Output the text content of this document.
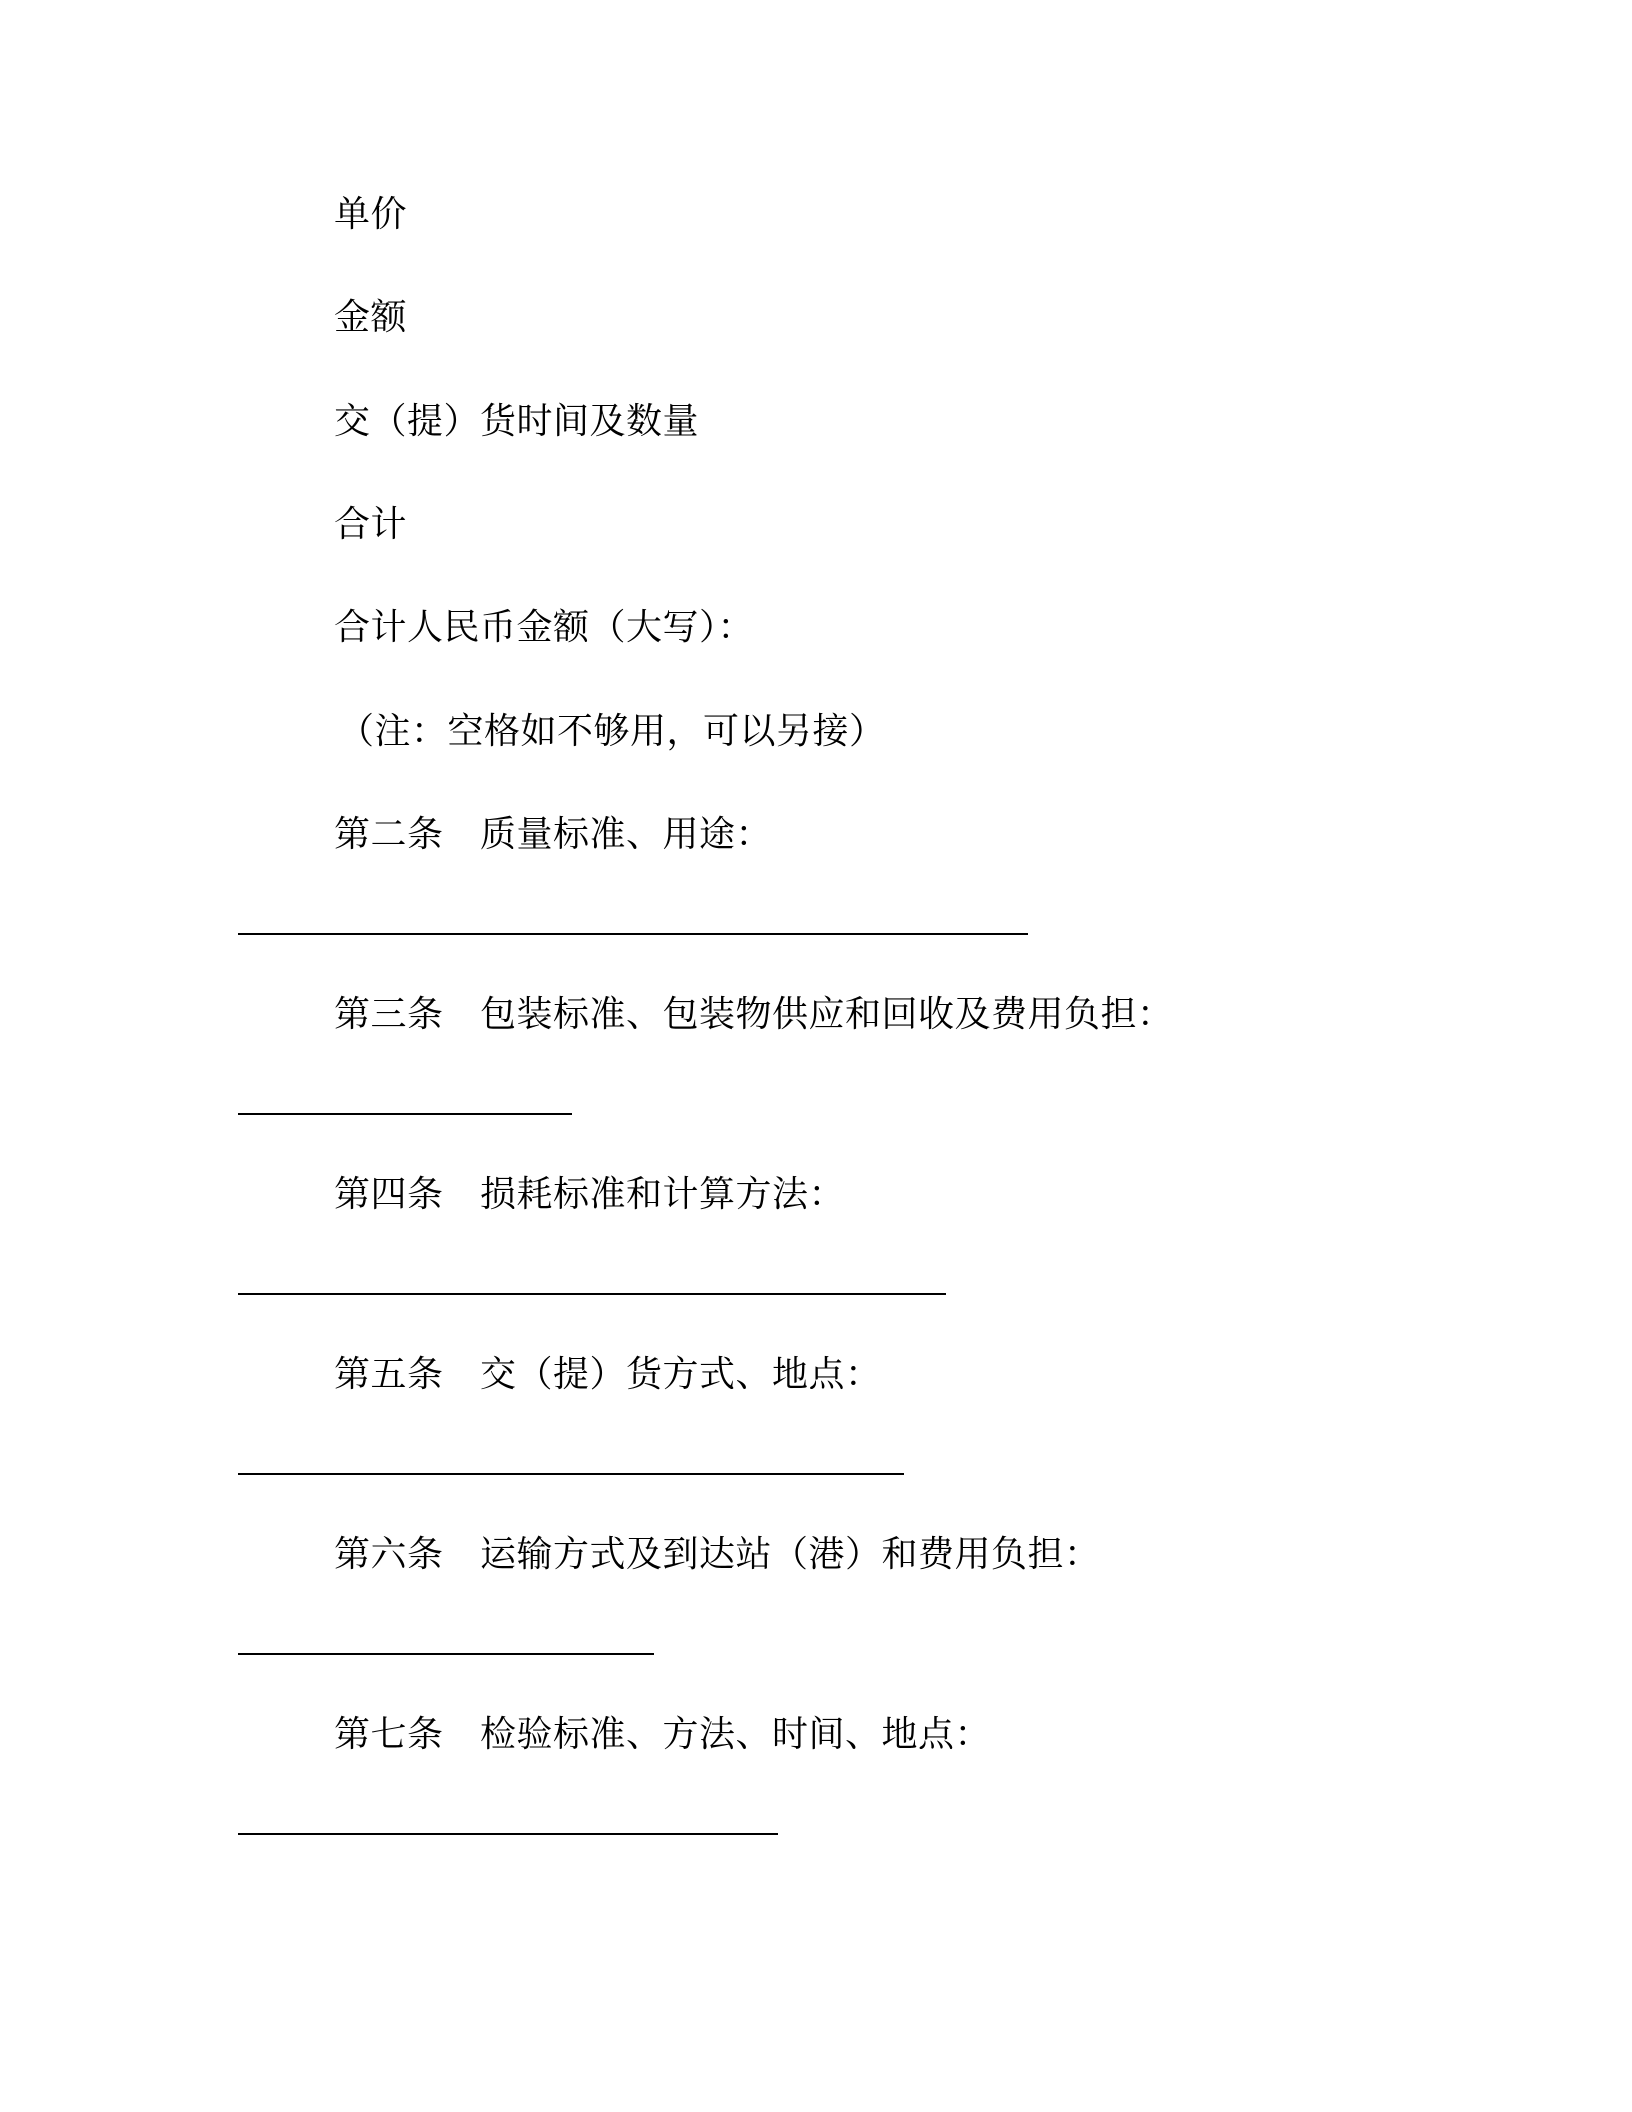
单价
金额
交（提）货时间及数量
合计
合计人民币金额（大写）：
（注：空格如不够用，可以另接）
第二条　质量标准、用途：
第三条　包装标准、包装物供应和回收及费用负担：
第四条　损耗标准和计算方法：
第五条　交（提）货方式、地点：
第六条　运输方式及到达站（港）和费用负担：
第七条　检验标准、方法、时间、地点：
